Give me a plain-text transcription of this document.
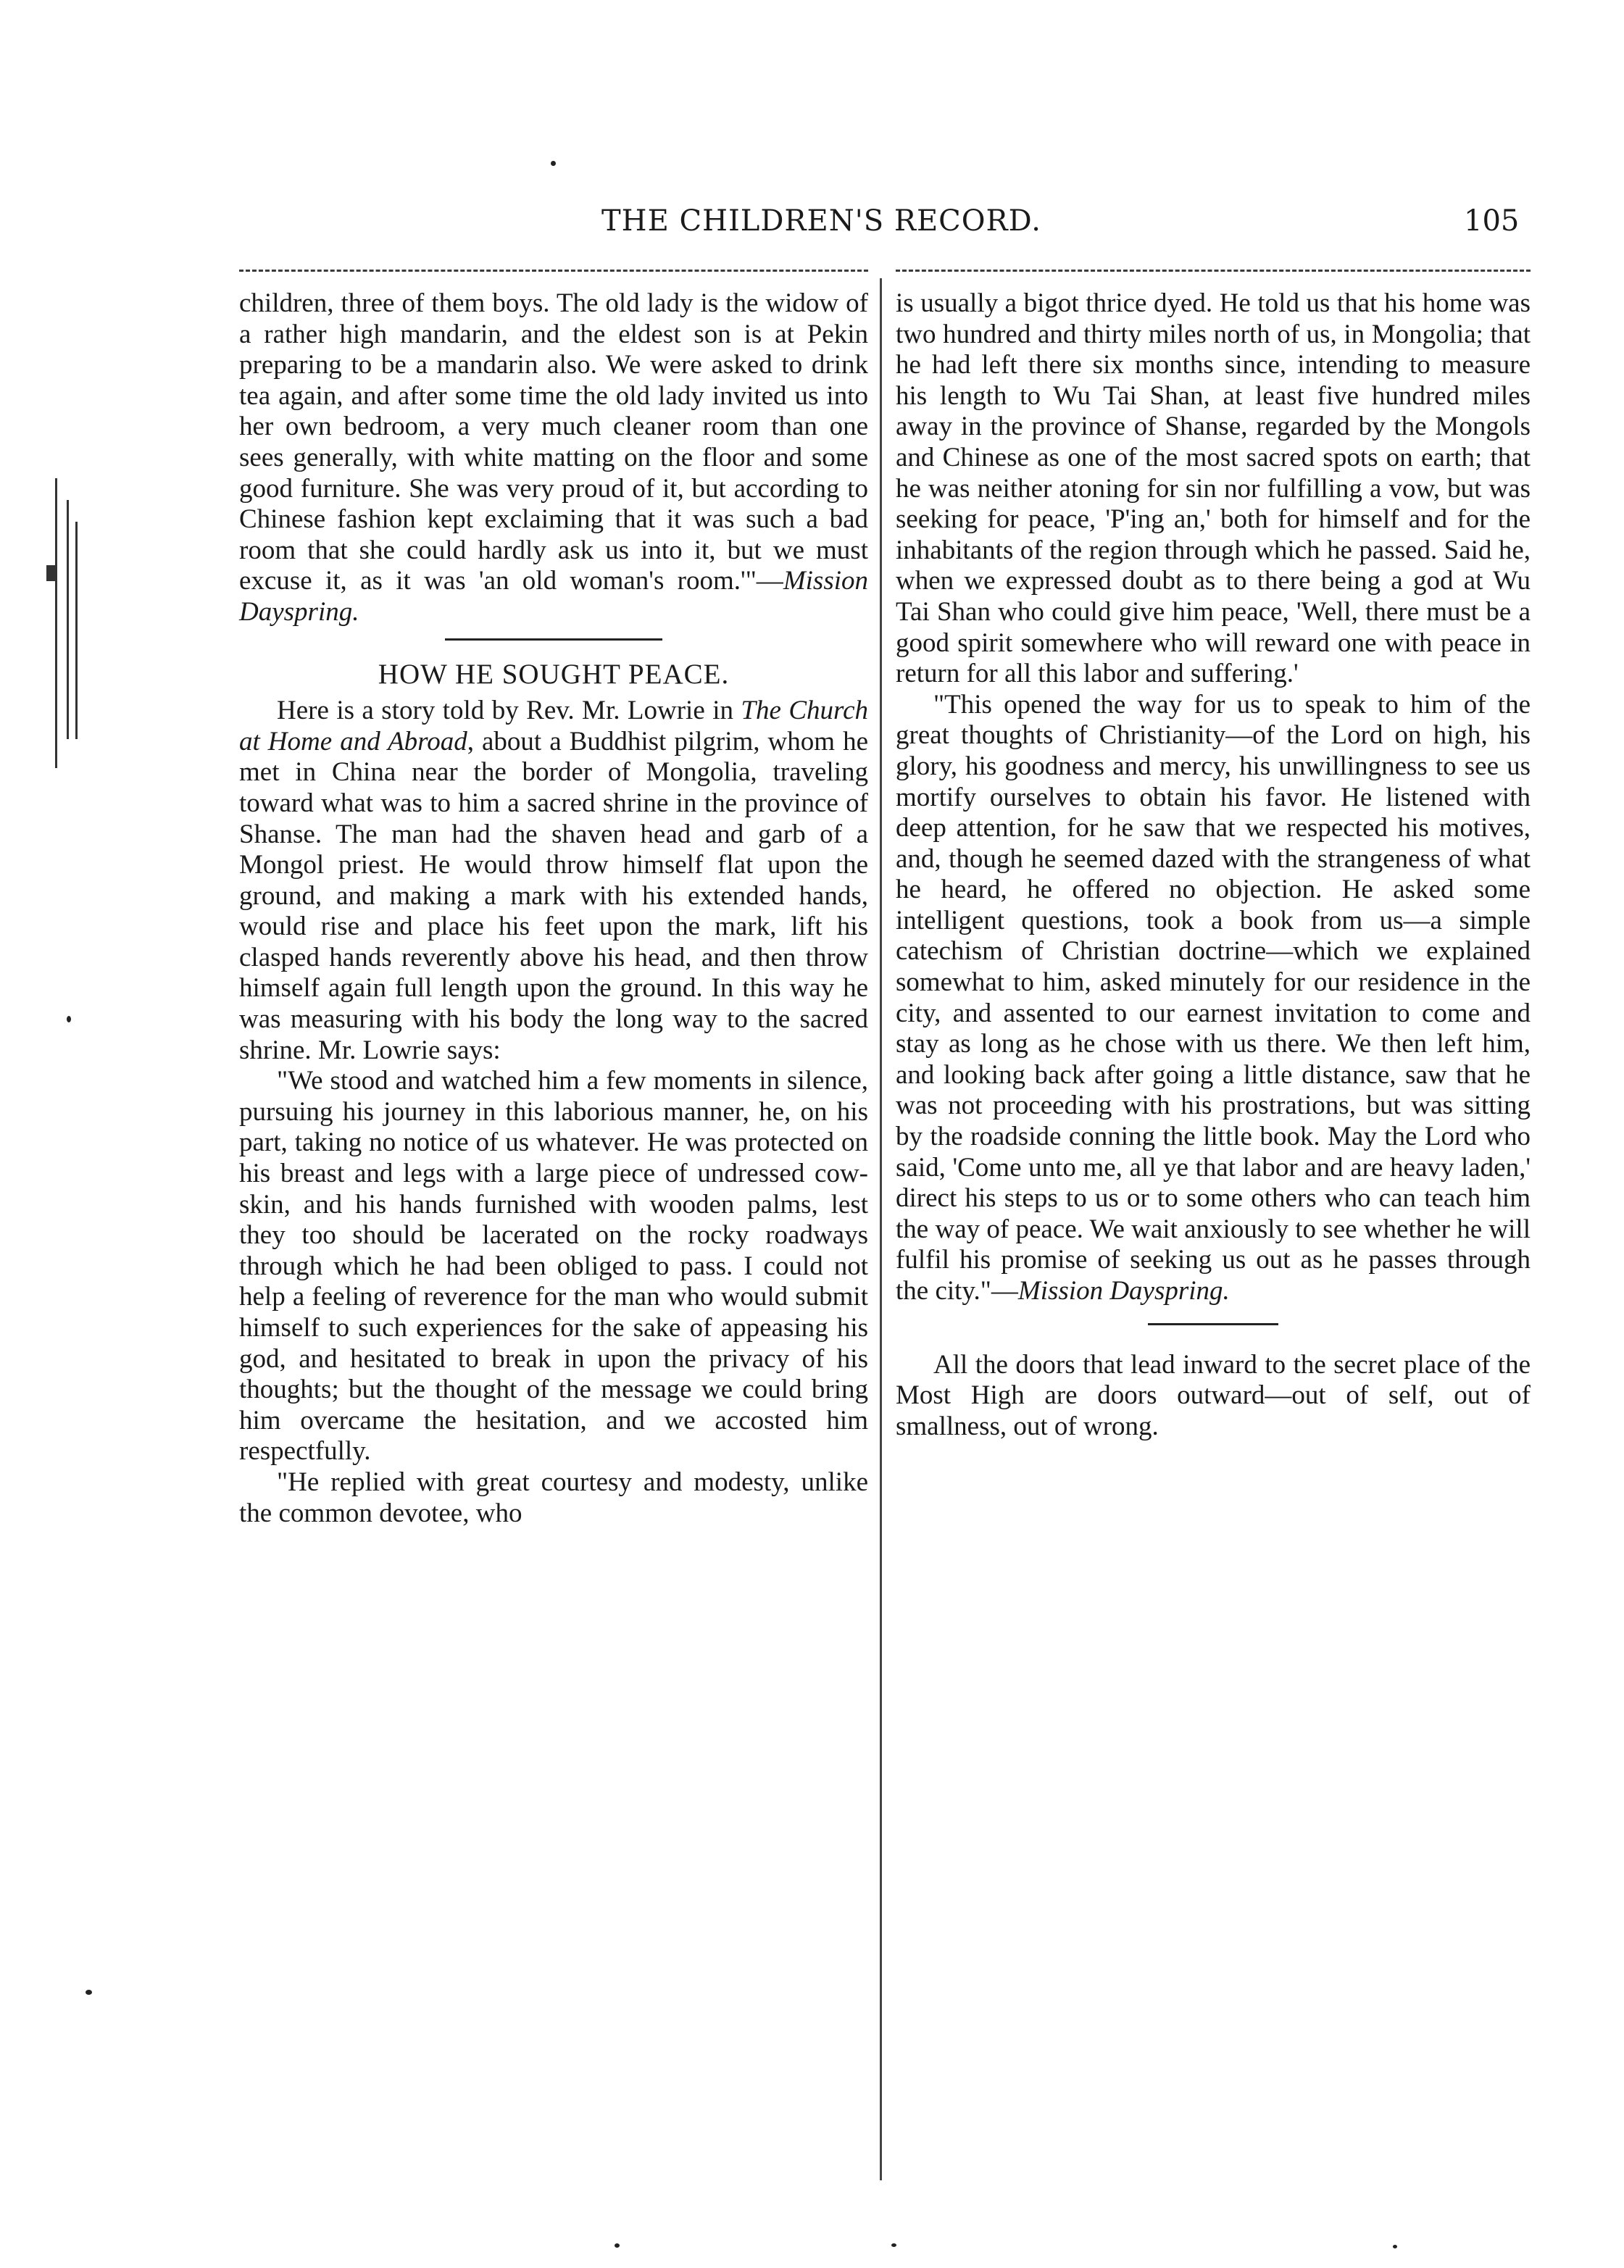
THE CHILDREN'S RECORD.	105

children, three of them boys. The old lady is the widow of a rather high mandarin, and the eldest son is at Pekin preparing to be a mandarin also. We were asked to drink tea again, and after some time the old lady invited us into her own bedroom, a very much cleaner room than one sees generally, with white matting on the floor and some good furniture. She was very proud of it, but according to Chinese fashion kept exclaiming that it was such a bad room that she could hardly ask us into it, but we must excuse it, as it was 'an old woman's room.'"—Mission Dayspring.

HOW HE SOUGHT PEACE.

Here is a story told by Rev. Mr. Lowrie in The Church at Home and Abroad, about a Buddhist pilgrim, whom he met in China near the border of Mongolia, traveling toward what was to him a sacred shrine in the province of Shanse. The man had the shaven head and garb of a Mongol priest. He would throw himself flat upon the ground, and making a mark with his extended hands, would rise and place his feet upon the mark, lift his clasped hands reverently above his head, and then throw himself again full length upon the ground. In this way he was measuring with his body the long way to the sacred shrine. Mr. Lowrie says:

"We stood and watched him a few moments in silence, pursuing his journey in this laborious manner, he, on his part, taking no notice of us whatever. He was protected on his breast and legs with a large piece of undressed cow-skin, and his hands furnished with wooden palms, lest they too should be lacerated on the rocky roadways through which he had been obliged to pass. I could not help a feeling of reverence for the man who would submit himself to such experiences for the sake of appeasing his god, and hesitated to break in upon the privacy of his thoughts; but the thought of the message we could bring him overcame the hesitation, and we accosted him respectfully.

"He replied with great courtesy and modesty, unlike the common devotee, who

is usually a bigot thrice dyed. He told us that his home was two hundred and thirty miles north of us, in Mongolia; that he had left there six months since, intending to measure his length to Wu Tai Shan, at least five hundred miles away in the province of Shanse, regarded by the Mongols and Chinese as one of the most sacred spots on earth; that he was neither atoning for sin nor fulfilling a vow, but was seeking for peace, 'P'ing an,' both for himself and for the inhabitants of the region through which he passed. Said he, when we expressed doubt as to there being a god at Wu Tai Shan who could give him peace, 'Well, there must be a good spirit somewhere who will reward one with peace in return for all this labor and suffering.'

"This opened the way for us to speak to him of the great thoughts of Christianity—of the Lord on high, his glory, his goodness and mercy, his unwillingness to see us mortify ourselves to obtain his favor. He listened with deep attention, for he saw that we respected his motives, and, though he seemed dazed with the strangeness of what he heard, he offered no objection. He asked some intelligent questions, took a book from us—a simple catechism of Christian doctrine—which we explained somewhat to him, asked minutely for our residence in the city, and assented to our earnest invitation to come and stay as long as he chose with us there. We then left him, and looking back after going a little distance, saw that he was not proceeding with his prostrations, but was sitting by the roadside conning the little book. May the Lord who said, 'Come unto me, all ye that labor and are heavy laden,' direct his steps to us or to some others who can teach him the way of peace. We wait anxiously to see whether he will fulfil his promise of seeking us out as he passes through the city."—Mission Dayspring.

All the doors that lead inward to the secret place of the Most High are doors outward—out of self, out of smallness, out of wrong.
